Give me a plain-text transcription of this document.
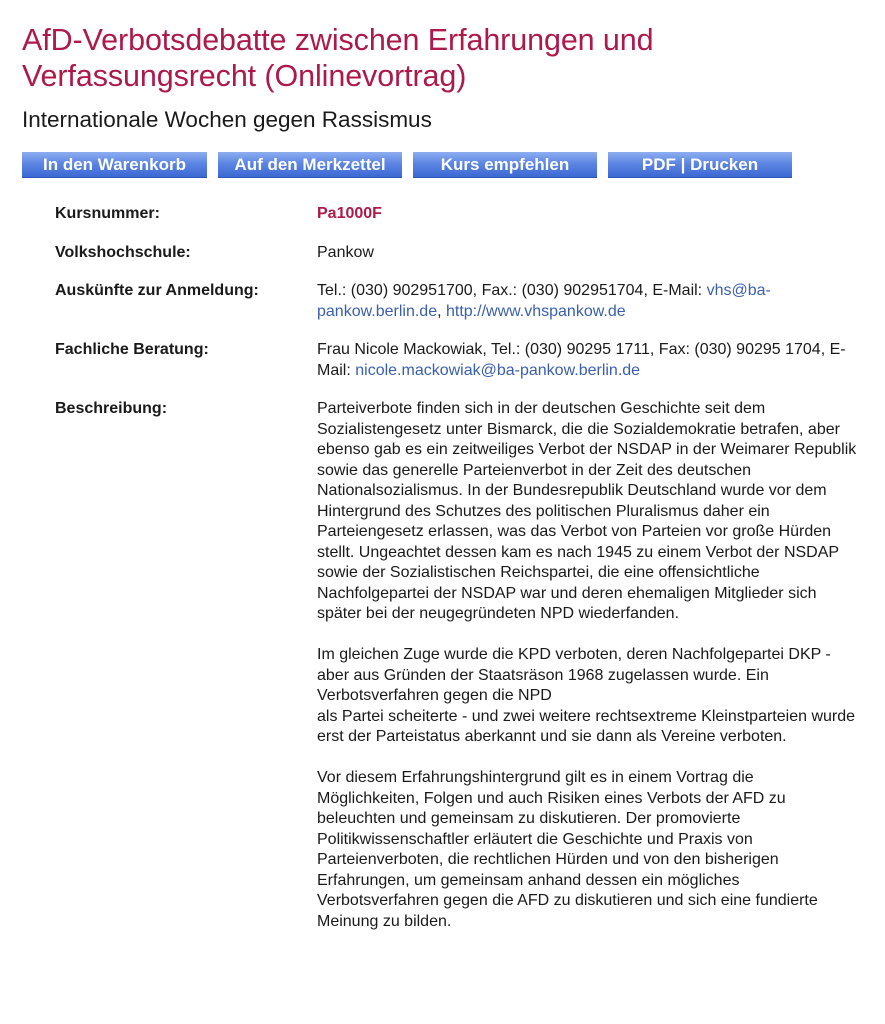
AfD-Verbotsdebatte zwischen Erfahrungen und Verfassungsrecht (Onlinevortrag)
Internationale Wochen gegen Rassismus
In den Warenkorb	Auf den Merkzettel	Kurs empfehlen	PDF | Drucken
Kursnummer:	Pa1000F
Volkshochschule:	Pankow
Auskünfte zur Anmeldung:	Tel.: (030) 902951700, Fax.: (030) 902951704, E-Mail: vhs@ba-pankow.berlin.de, http://www.vhspankow.de
Fachliche Beratung:	Frau Nicole Mackowiak, Tel.: (030) 90295 1711, Fax: (030) 90295 1704, E-Mail: nicole.mackowiak@ba-pankow.berlin.de
Beschreibung:	Parteiverbote finden sich in der deutschen Geschichte seit dem Sozialistengesetz unter Bismarck, die die Sozialdemokratie betrafen, aber ebenso gab es ein zeitweiliges Verbot der NSDAP in der Weimarer Republik sowie das generelle Parteienverbot in der Zeit des deutschen Nationalsozialismus. In der Bundesrepublik Deutschland wurde vor dem
Hintergrund des Schutzes des politischen Pluralismus daher ein Parteiengesetz erlassen, was das Verbot von Parteien vor große Hürden stellt. Ungeachtet dessen kam es nach 1945 zu einem Verbot der NSDAP sowie der Sozialistischen Reichspartei, die eine offensichtliche Nachfolgepartei der NSDAP war und deren ehemaligen Mitglieder sich
später bei der neugegründeten NPD wiederfanden.

Im gleichen Zuge wurde die KPD verboten, deren Nachfolgepartei DKP - aber aus Gründen der Staatsräson 1968 zugelassen wurde. Ein Verbotsverfahren gegen die NPD
als Partei scheiterte - und zwei weitere rechtsextreme Kleinstparteien wurde erst der Parteistatus aberkannt und sie dann als Vereine verboten.

Vor diesem Erfahrungshintergrund gilt es in einem Vortrag die Möglichkeiten, Folgen und auch Risiken eines Verbots der AFD zu beleuchten und gemeinsam zu diskutieren. Der promovierte Politikwissenschaftler erläutert die Geschichte und Praxis von Parteienverboten, die rechtlichen Hürden und von den bisherigen Erfahrungen, um gemeinsam anhand dessen ein mögliches Verbotsverfahren gegen die AFD zu diskutieren und sich eine fundierte Meinung zu bilden.
